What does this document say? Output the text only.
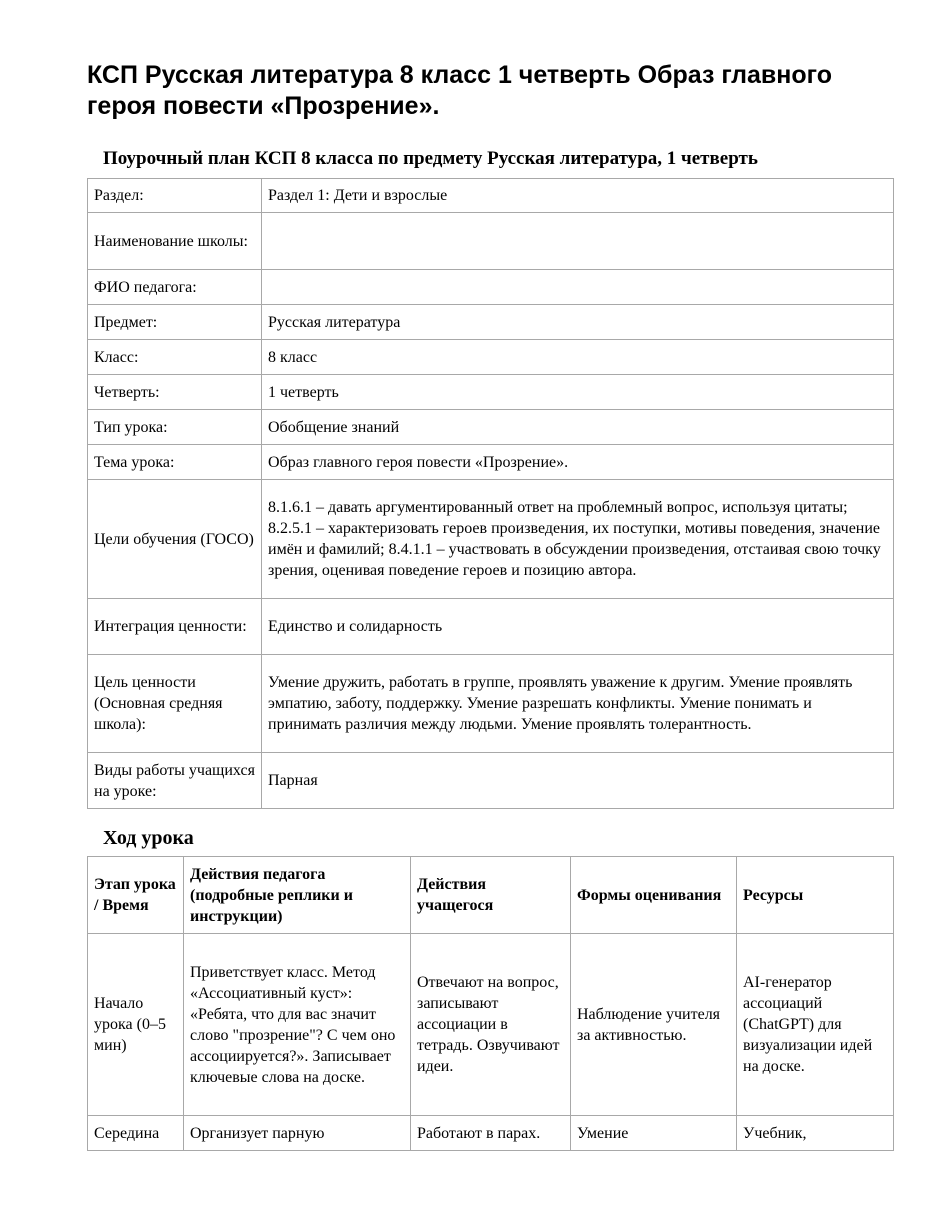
КСП Русская литература 8 класс 1 четверть Образ главного героя повести «Прозрение».
Поурочный план КСП 8 класса по предмету Русская литература, 1 четверть
Раздел:	Раздел 1: Дети и взрослые
Наименование школы:	
ФИО педагога:	
Предмет:	Русская литература
Класс:	8 класс
Четверть:	1 четверть
Тип урока:	Обобщение знаний
Тема урока:	Образ главного героя повести «Прозрение».
Цели обучения (ГОСО)	8.1.6.1 – давать аргументированный ответ на проблемный вопрос, используя цитаты; 8.2.5.1 – характеризовать героев произведения, их поступки, мотивы поведения, значение имён и фамилий; 8.4.1.1 – участвовать в обсуждении произведения, отстаивая свою точку зрения, оценивая поведение героев и позицию автора.
Интеграция ценности:	Единство и солидарность
Цель ценности (Основная средняя школа):	Умение дружить, работать в группе, проявлять уважение к другим. Умение проявлять эмпатию, заботу, поддержку. Умение разрешать конфликты. Умение понимать и принимать различия между людьми. Умение проявлять толерантность.
Виды работы учащихся на уроке:	Парная
Ход урока
Этап урока / Время	Действия педагога (подробные реплики и инструкции)	Действия учащегося	Формы оценивания	Ресурсы
Начало урока (0–5 мин)	Приветствует класс. Метод «Ассоциативный куст»: «Ребята, что для вас значит слово "прозрение"? С чем оно ассоциируется?». Записывает ключевые слова на доске.	Отвечают на вопрос, записывают ассоциации в тетрадь. Озвучивают идеи.	Наблюдение учителя за активностью.	AI-генератор ассоциаций (ChatGPT) для визуализации идей на доске.
Середина	Организует парную	Работают в парах.	Умение	Учебник,
